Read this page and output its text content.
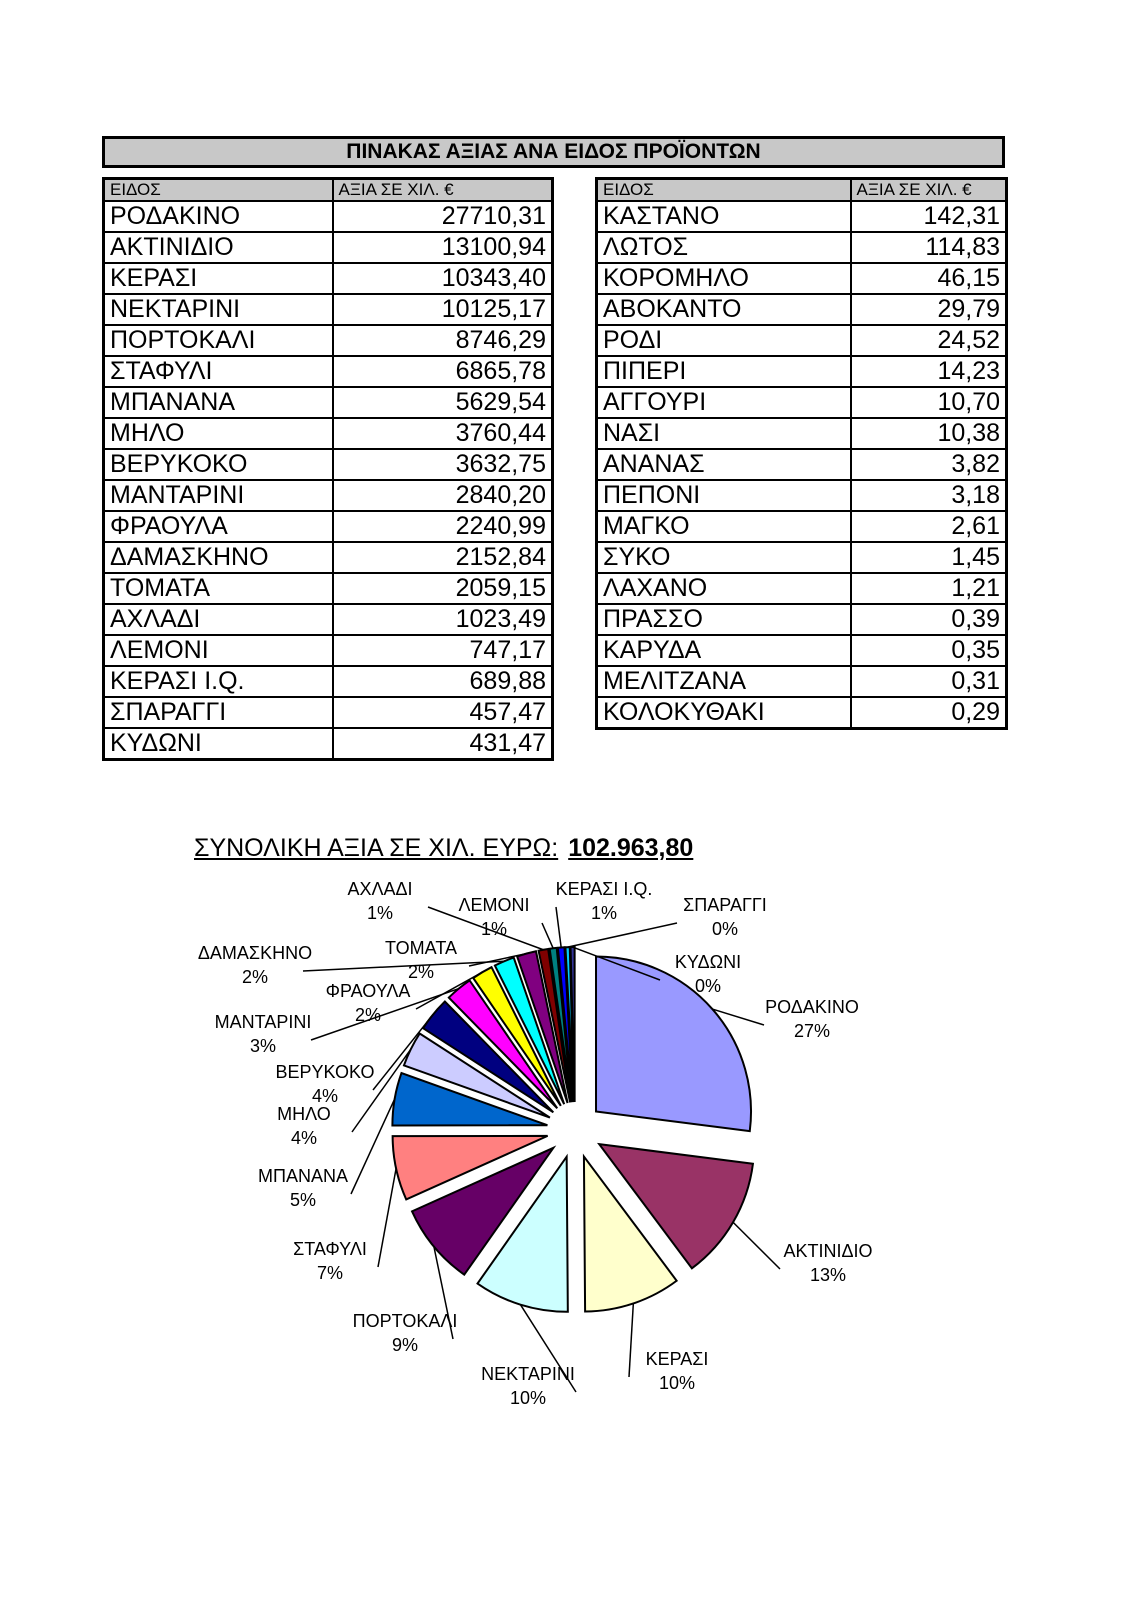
ΠΙΝΑΚΑΣ ΑΞΙΑΣ ΑΝΑ ΕΙΔΟΣ ΠΡΟΪΟΝΤΩΝ
ΕΙΔΟΣ	ΑΞΙΑ ΣΕ ΧΙΛ. €
ΡΟΔΑΚΙΝΟ	27710,31
ΑΚΤΙΝΙΔΙΟ	13100,94
ΚΕΡΑΣΙ	10343,40
ΝΕΚΤΑΡΙΝΙ	10125,17
ΠΟΡΤΟΚΑΛΙ	8746,29
ΣΤΑΦΥΛΙ	6865,78
ΜΠΑΝΑΝΑ	5629,54
ΜΗΛΟ	3760,44
ΒΕΡΥΚΟΚΟ	3632,75
ΜΑΝΤΑΡΙΝΙ	2840,20
ΦΡΑΟΥΛΑ	2240,99
ΔΑΜΑΣΚΗΝΟ	2152,84
ΤΟΜΑΤΑ	2059,15
ΑΧΛΑΔΙ	1023,49
ΛΕΜΟΝΙ	747,17
ΚΕΡΑΣΙ I.Q.	689,88
ΣΠΑΡΑΓΓΙ	457,47
ΚΥΔΩΝΙ	431,47
ΕΙΔΟΣ	ΑΞΙΑ ΣΕ ΧΙΛ. €
ΚΑΣΤΑΝΟ	142,31
ΛΩΤΟΣ	114,83
ΚΟΡΟΜΗΛΟ	46,15
ΑΒΟΚΑΝΤΟ	29,79
ΡΟΔΙ	24,52
ΠΙΠΕΡΙ	14,23
ΑΓΓΟΥΡΙ	10,70
ΝΑΣΙ	10,38
ΑΝΑΝΑΣ	3,82
ΠΕΠΟΝΙ	3,18
ΜΑΓΚΟ	2,61
ΣΥΚΟ	1,45
ΛΑΧΑΝΟ	1,21
ΠΡΑΣΣΟ	0,39
ΚΑΡΥΔΑ	0,35
ΜΕΛΙΤΖΑΝΑ	0,31
ΚΟΛΟΚΥΘΑΚΙ	0,29
ΣΥΝΟΛΙΚΗ ΑΞΙΑ ΣΕ ΧΙΛ. ΕΥΡΩ: 102.963,80
ΡΟΔΑΚΙΝΟ
27%
ΑΚΤΙΝΙΔΙΟ
13%
ΚΕΡΑΣΙ
10%
ΝΕΚΤΑΡΙΝΙ
10%
ΠΟΡΤΟΚΑΛΙ
9%
ΣΤΑΦΥΛΙ
7%
ΜΠΑΝΑΝΑ
5%
ΜΗΛΟ
4%
ΒΕΡΥΚΟΚΟ
4%
ΜΑΝΤΑΡΙΝΙ
3%
ΦΡΑΟΥΛΑ
2%
ΔΑΜΑΣΚΗΝΟ
2%
ΤΟΜΑΤΑ
2%
ΑΧΛΑΔΙ
1%	ΛΕΜΟΝΙ
1%
ΚΕΡΑΣΙ I.Q.
1%	ΣΠΑΡΑΓΓΙ
0%
ΚΥΔΩΝΙ
0%
